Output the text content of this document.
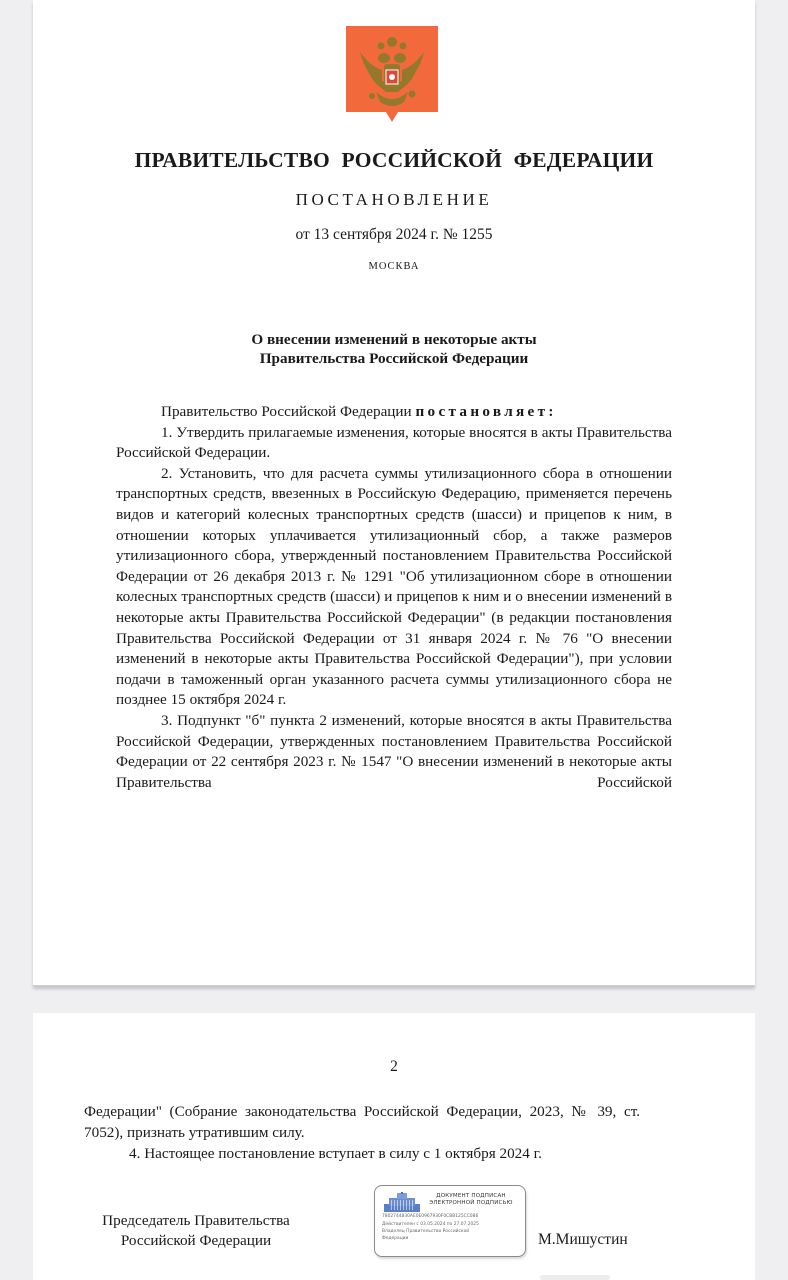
ПРАВИТЕЛЬСТВО РОССИЙСКОЙ ФЕДЕРАЦИИ
ПОСТАНОВЛЕНИЕ
от 13 сентября 2024 г. № 1255
МОСКВА
О внесении изменений в некоторые акты
Правительства Российской Федерации

Правительство Российской Федерации постановляет:

1. Утвердить прилагаемые изменения, которые вносятся в акты Правительства Российской Федерации.

2. Установить, что для расчета суммы утилизационного сбора в отношении транспортных средств, ввезенных в Российскую Федерацию, применяется перечень видов и категорий колесных транспортных средств (шасси) и прицепов к ним, в отношении которых уплачивается утилизационный сбор, а также размеров утилизационного сбора, утвержденный постановлением Правительства Российской Федерации от 26 декабря 2013 г. № 1291 "Об утилизационном сборе в отношении колесных транспортных средств (шасси) и прицепов к ним и о внесении изменений в некоторые акты Правительства Российской Федерации" (в редакции постановления Правительства Российской Федерации от 31 января 2024 г. № 76 "О внесении изменений в некоторые акты Правительства Российской Федерации"), при условии подачи в таможенный орган указанного расчета суммы утилизационного сбора не позднее 15 октября 2024 г.

3. Подпункт "б" пункта 2 изменений, которые вносятся в акты Правительства Российской Федерации, утвержденных постановлением Правительства Российской Федерации от 22 сентября 2023 г. № 1547 "О внесении изменений в некоторые акты Правительства Российской

2

Федерации" (Собрание законодательства Российской Федерации, 2023, № 39, ст. 7052), признать утратившим силу.

4. Настоящее постановление вступает в силу с 1 октября 2024 г.

Председатель Правительства
Российской Федерации
ДОКУМЕНТ ПОДПИСАН
ЭЛЕКТРОННОЙ ПОДПИСЬЮ
7802744830AE0E0967930F0CBB125CC0B6
Действителен с 03.05.2024 по 27.07.2025
Владелец Правительство Российской
Федерации	М.Мишустин
